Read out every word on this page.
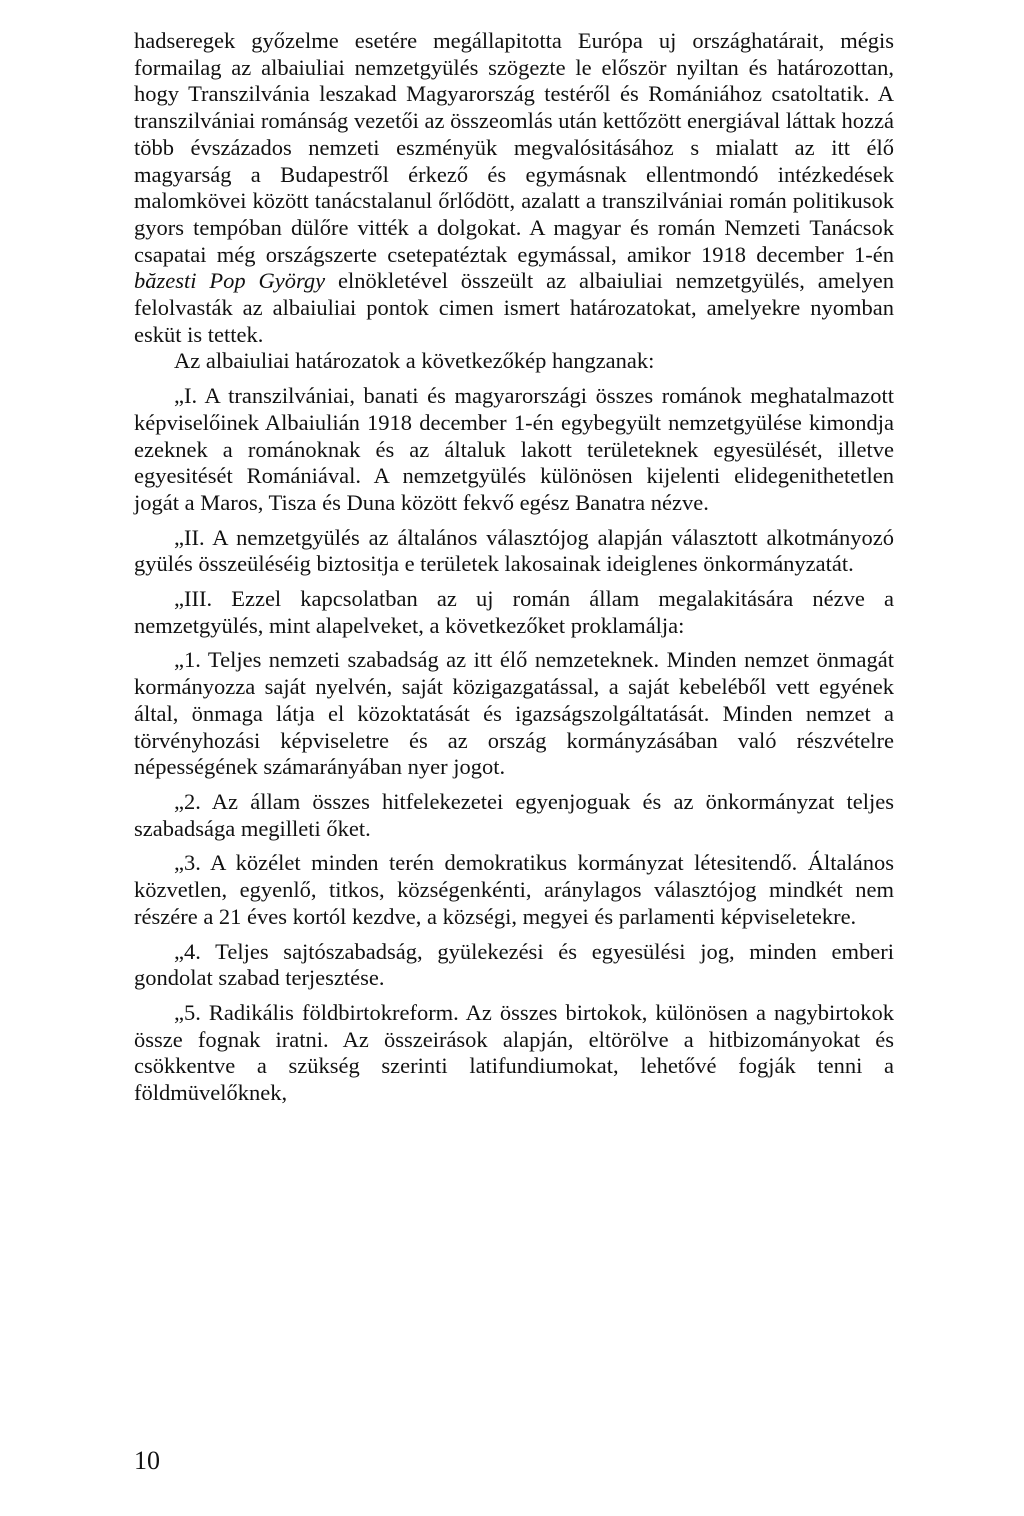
hadseregek győzelme esetére megállapitotta Európa uj országhatárait, mégis formailag az albaiuliai nemzetgyülés szögezte le először nyiltan és határozottan, hogy Transzilvánia leszakad Magyarország testéről és Romániához csatoltatik. A transzilvániai románság vezetői az összeomlás után kettőzött energiával láttak hozzá több évszázados nemzeti eszményük megvalósitásához s mialatt az itt élő magyarság a Budapestről érkező és egymásnak ellentmondó intézkedések malomkövei között tanácstalanul őrlődött, azalatt a transzilvániai román politikusok gyors tempóban dülőre vitték a dolgokat. A magyar és román Nemzeti Tanácsok csapatai még országszerte csetepatéztak egymással, amikor 1918 december 1-én băzesti Pop György elnökletével összeült az albaiuliai nemzetgyülés, amelyen felolvasták az albaiuliai pontok cimen ismert határozatokat, amelyekre nyomban esküt is tettek.

Az albaiuliai határozatok a következőkép hangzanak:

„I. A transzilvániai, banati és magyarországi összes románok meghatalmazott képviselőinek Albaiulián 1918 december 1-én egybegyült nemzetgyülése kimondja ezeknek a románoknak és az általuk lakott területeknek egyesülését, illetve egyesitését Romániával. A nemzetgyülés különösen kijelenti elidegenithetetlen jogát a Maros, Tisza és Duna között fekvő egész Banatra nézve.

„II. A nemzetgyülés az általános választójog alapján választott alkotmányozó gyülés összeüléséig biztositja e területek lakosainak ideiglenes önkormányzatát.

„III. Ezzel kapcsolatban az uj román állam megalakitására nézve a nemzetgyülés, mint alapelveket, a következőket proklamálja:

„1. Teljes nemzeti szabadság az itt élő nemzeteknek. Minden nemzet önmagát kormányozza saját nyelvén, saját közigazgatással, a saját kebeléből vett egyének által, önmaga látja el közoktatását és igazságszolgáltatását. Minden nemzet a törvényhozási képviseletre és az ország kormányzásában való részvételre népességének számarányában nyer jogot.

„2. Az állam összes hitfelekezetei egyenjoguak és az önkormányzat teljes szabadsága megilleti őket.

„3. A közélet minden terén demokratikus kormányzat létesitendő. Általános közvetlen, egyenlő, titkos, községenkénti, aránylagos választójog mindkét nem részére a 21 éves kortól kezdve, a községi, megyei és parlamenti képviseletekre.

„4. Teljes sajtószabadság, gyülekezési és egyesülési jog, minden emberi gondolat szabad terjesztése.

„5. Radikális földbirtokreform. Az összes birtokok, különösen a nagybirtokok össze fognak iratni. Az összeirások alapján, eltörölve a hitbizományokat és csökkentve a szükség szerinti latifundiumokat, lehetővé fogják tenni a földmüvelőknek,

10
